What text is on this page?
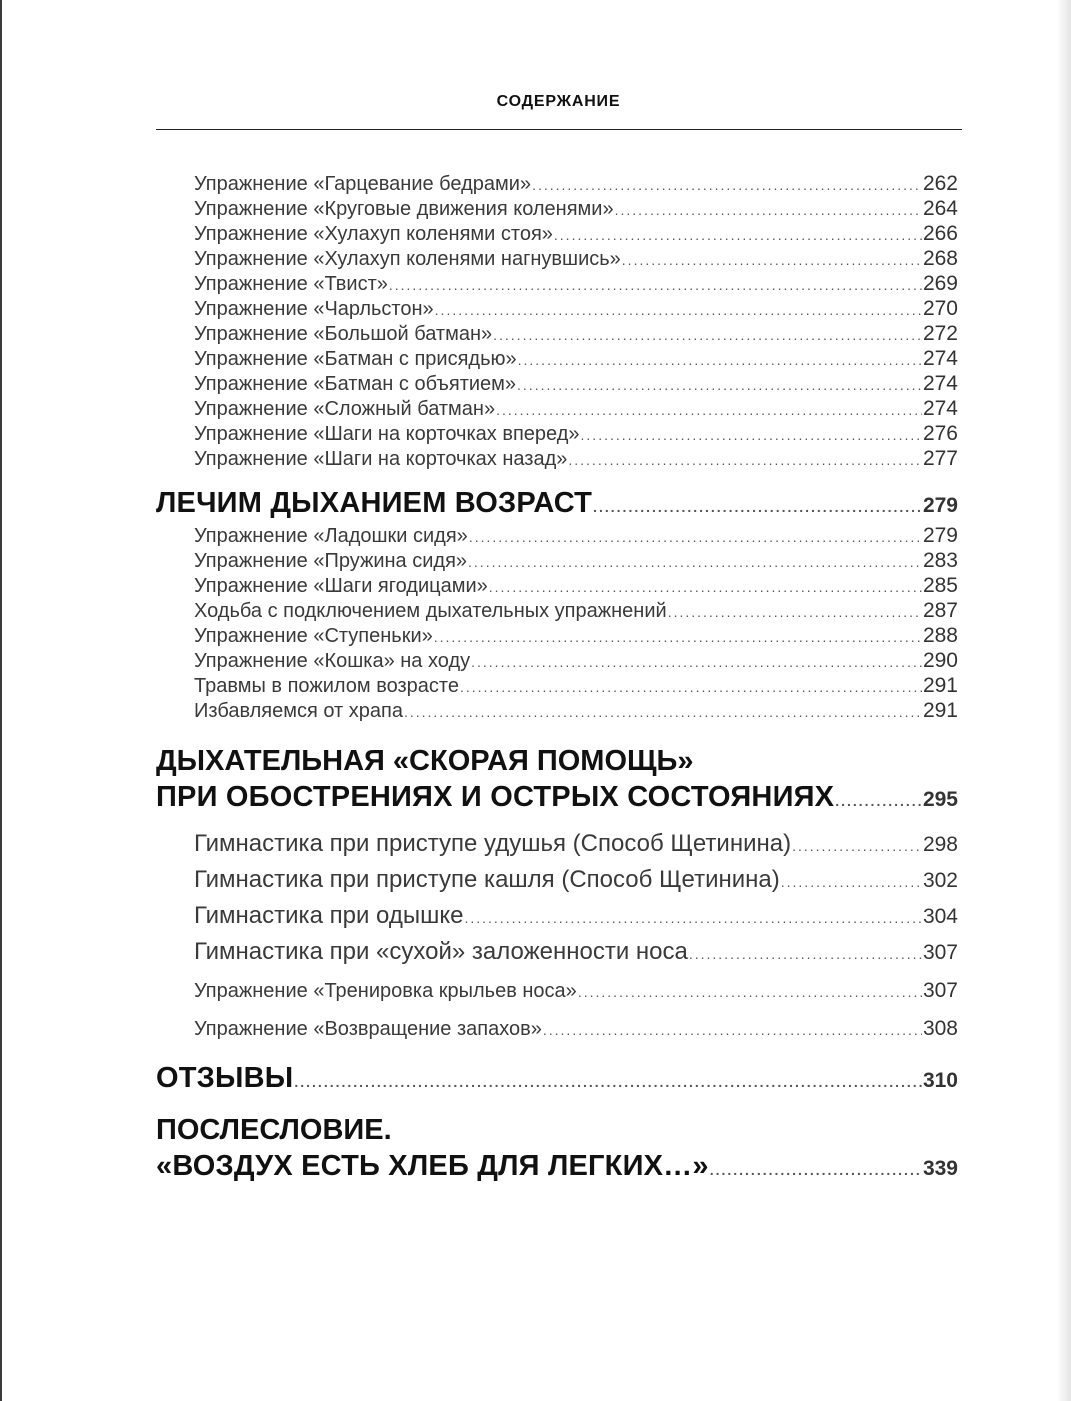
СОДЕРЖАНИЕ
Упражнение «Гарцевание бедрами» .....	262
Упражнение «Круговые движения коленями» .....	264
Упражнение «Хулахуп коленями стоя» .....	266
Упражнение «Хулахуп коленями нагнувшись» .....	268
Упражнение «Твист» .....	269
Упражнение «Чарльстон» .....	270
Упражнение «Большой батман» .....	272
Упражнение «Батман с присядью» .....	274
Упражнение «Батман с объятием» .....	274
Упражнение «Сложный батман» .....	274
Упражнение «Шаги на корточках вперед» .....	276
Упражнение «Шаги на корточках назад» .....	277
ЛЕЧИМ ДЫХАНИЕМ ВОЗРАСТ .....	279
Упражнение «Ладошки сидя» .....	279
Упражнение «Пружина сидя» .....	283
Упражнение «Шаги ягодицами» .....	285
Ходьба с подключением дыхательных упражнений .....	287
Упражнение «Ступеньки» .....	288
Упражнение «Кошка» на ходу .....	290
Травмы в пожилом возрасте .....	291
Избавляемся от храпа .....	291
ДЫХАТЕЛЬНАЯ «СКОРАЯ ПОМОЩЬ»
ПРИ ОБОСТРЕНИЯХ И ОСТРЫХ СОСТОЯНИЯХ .....	295
Гимнастика при приступе удушья (Способ Щетинина) .....	298
Гимнастика при приступе кашля (Способ Щетинина) .....	302
Гимнастика при одышке .....	304
Гимнастика при «сухой» заложенности носа .....	307
Упражнение «Тренировка крыльев носа» .....	307
Упражнение «Возвращение запахов» .....	308
ОТЗЫВЫ .....	310
ПОСЛЕСЛОВИЕ.
«ВОЗДУХ ЕСТЬ ХЛЕБ ДЛЯ ЛЕГКИХ…» .....	339
